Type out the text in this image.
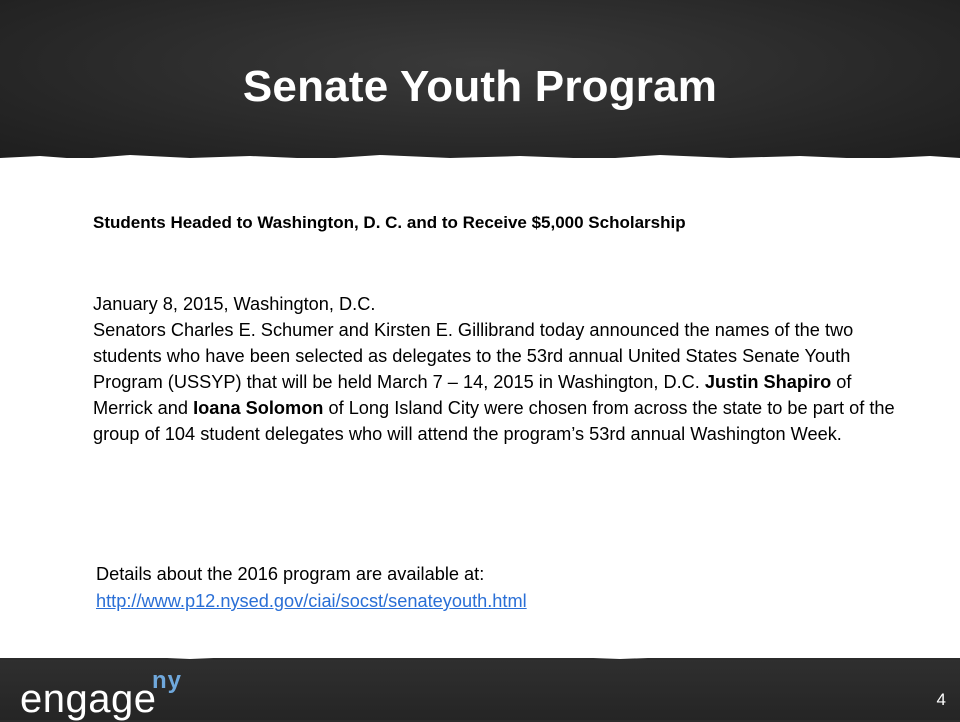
Senate Youth Program
Students Headed to Washington, D. C. and to Receive $5,000 Scholarship
January 8, 2015, Washington, D.C.
Senators Charles E. Schumer and Kirsten E. Gillibrand today announced the names of the two students who have been selected as delegates to the 53rd annual United States Senate Youth Program (USSYP) that will be held March 7 – 14, 2015 in Washington, D.C. Justin Shapiro of Merrick and Ioana Solomon of Long Island City were chosen from across the state to be part of the group of 104 student delegates who will attend the program’s 53rd annual Washington Week.
Details about the 2016 program are available at:
http://www.p12.nysed.gov/ciai/socst/senateyouth.html
engage
ny
4
